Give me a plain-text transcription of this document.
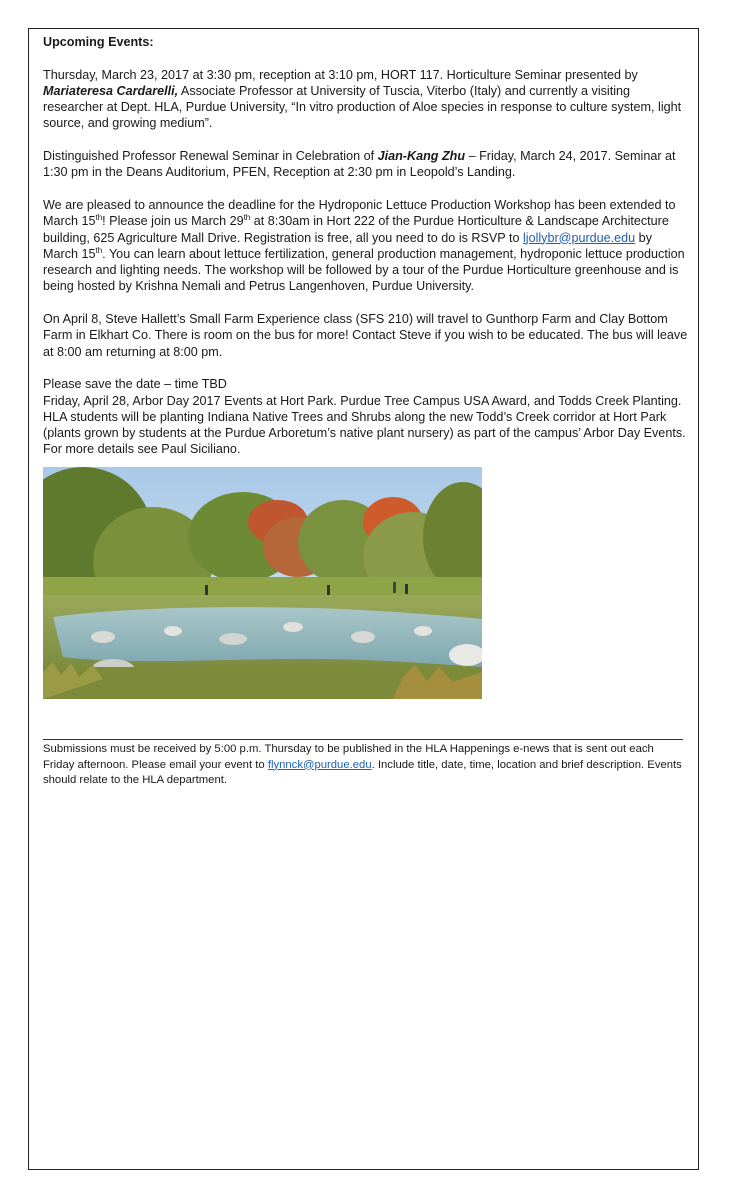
Upcoming Events:

Thursday, March 23, 2017 at 3:30 pm, reception at 3:10 pm, HORT 117. Horticulture Seminar presented by Mariateresa Cardarelli, Associate Professor at University of Tuscia, Viterbo (Italy) and currently a visiting researcher at Dept. HLA, Purdue University, “In vitro production of Aloe species in response to culture system, light source, and growing medium”.

Distinguished Professor Renewal Seminar in Celebration of Jian-Kang Zhu – Friday, March 24, 2017. Seminar at 1:30 pm in the Deans Auditorium, PFEN, Reception at 2:30 pm in Leopold’s Landing.

We are pleased to announce the deadline for the Hydroponic Lettuce Production Workshop has been extended to March 15th! Please join us March 29th at 8:30am in Hort 222 of the Purdue Horticulture & Landscape Architecture building, 625 Agriculture Mall Drive. Registration is free, all you need to do is RSVP to ljollybr@purdue.edu by March 15th. You can learn about lettuce fertilization, general production management, hydroponic lettuce production research and lighting needs. The workshop will be followed by a tour of the Purdue Horticulture greenhouse and is being hosted by Krishna Nemali and Petrus Langenhoven, Purdue University.

On April 8, Steve Hallett’s Small Farm Experience class (SFS 210) will travel to Gunthorp Farm and Clay Bottom Farm in Elkhart Co. There is room on the bus for more! Contact Steve if you wish to be educated. The bus will leave at 8:00 am returning at 8:00 pm.

Please save the date – time TBD
Friday, April 28, Arbor Day 2017 Events at Hort Park. Purdue Tree Campus USA Award, and Todds Creek Planting.
HLA students will be planting Indiana Native Trees and Shrubs along the new Todd’s Creek corridor at Hort Park (plants grown by students at the Purdue Arboretum’s native plant nursery) as part of the campus’ Arbor Day Events.
For more details see Paul Siciliano.

Submissions must be received by 5:00 p.m. Thursday to be published in the HLA Happenings e-news that is sent out each Friday afternoon. Please email your event to flynnck@purdue.edu. Include title, date, time, location and brief description. Events should relate to the HLA department.
